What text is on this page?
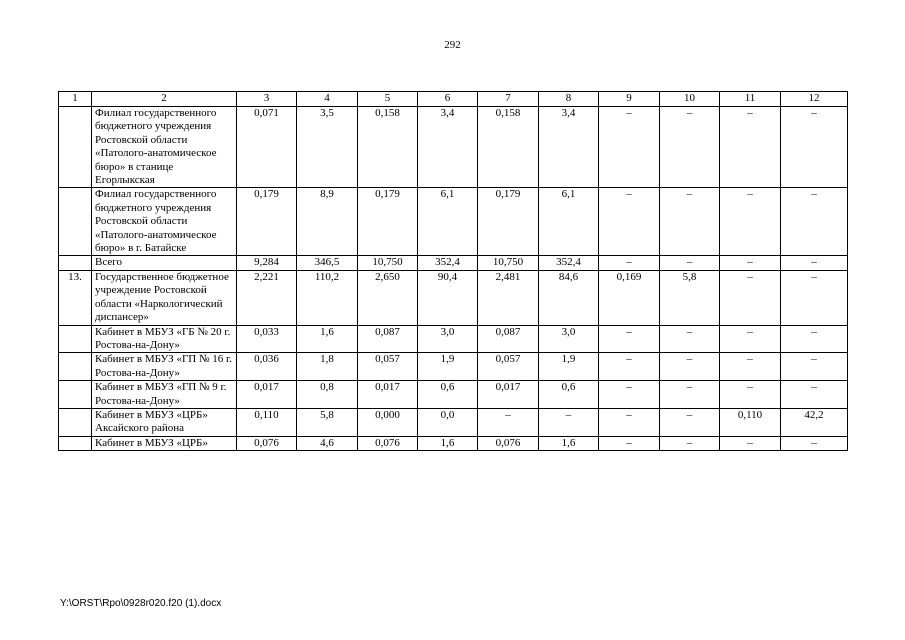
292
1	2	3	4	5	6	7	8	9	10	11	12
	Филиал государственного бюджетного учреждения Ростовской области «Патолого-анатомическое бюро» в станице Егорлыкская	0,071	3,5	0,158	3,4	0,158	3,4	–	–	–	–
	Филиал государственного бюджетного учреждения Ростовской области «Патолого-анатомическое бюро» в г. Батайске	0,179	8,9	0,179	6,1	0,179	6,1	–	–	–	–
	Всего	9,284	346,5	10,750	352,4	10,750	352,4	–	–	–	–
13.	Государственное бюджетное учреждение Ростовской области «Наркологический диспансер»	2,221	110,2	2,650	90,4	2,481	84,6	0,169	5,8	–	–
	Кабинет в МБУЗ «ГБ № 20 г. Ростова-на-Дону»	0,033	1,6	0,087	3,0	0,087	3,0	–	–	–	–
	Кабинет в МБУЗ «ГП № 16 г. Ростова-на-Дону»	0,036	1,8	0,057	1,9	0,057	1,9	–	–	–	–
	Кабинет в МБУЗ «ГП № 9 г. Ростова-на-Дону»	0,017	0,8	0,017	0,6	0,017	0,6	–	–	–	–
	Кабинет в МБУЗ «ЦРБ» Аксайского района	0,110	5,8	0,000	0,0	–	–	–	–	0,110	42,2
	Кабинет в МБУЗ «ЦРБ»	0,076	4,6	0,076	1,6	0,076	1,6	–	–	–	–
Y:\ORST\Rpo\0928r020.f20 (1).docx
